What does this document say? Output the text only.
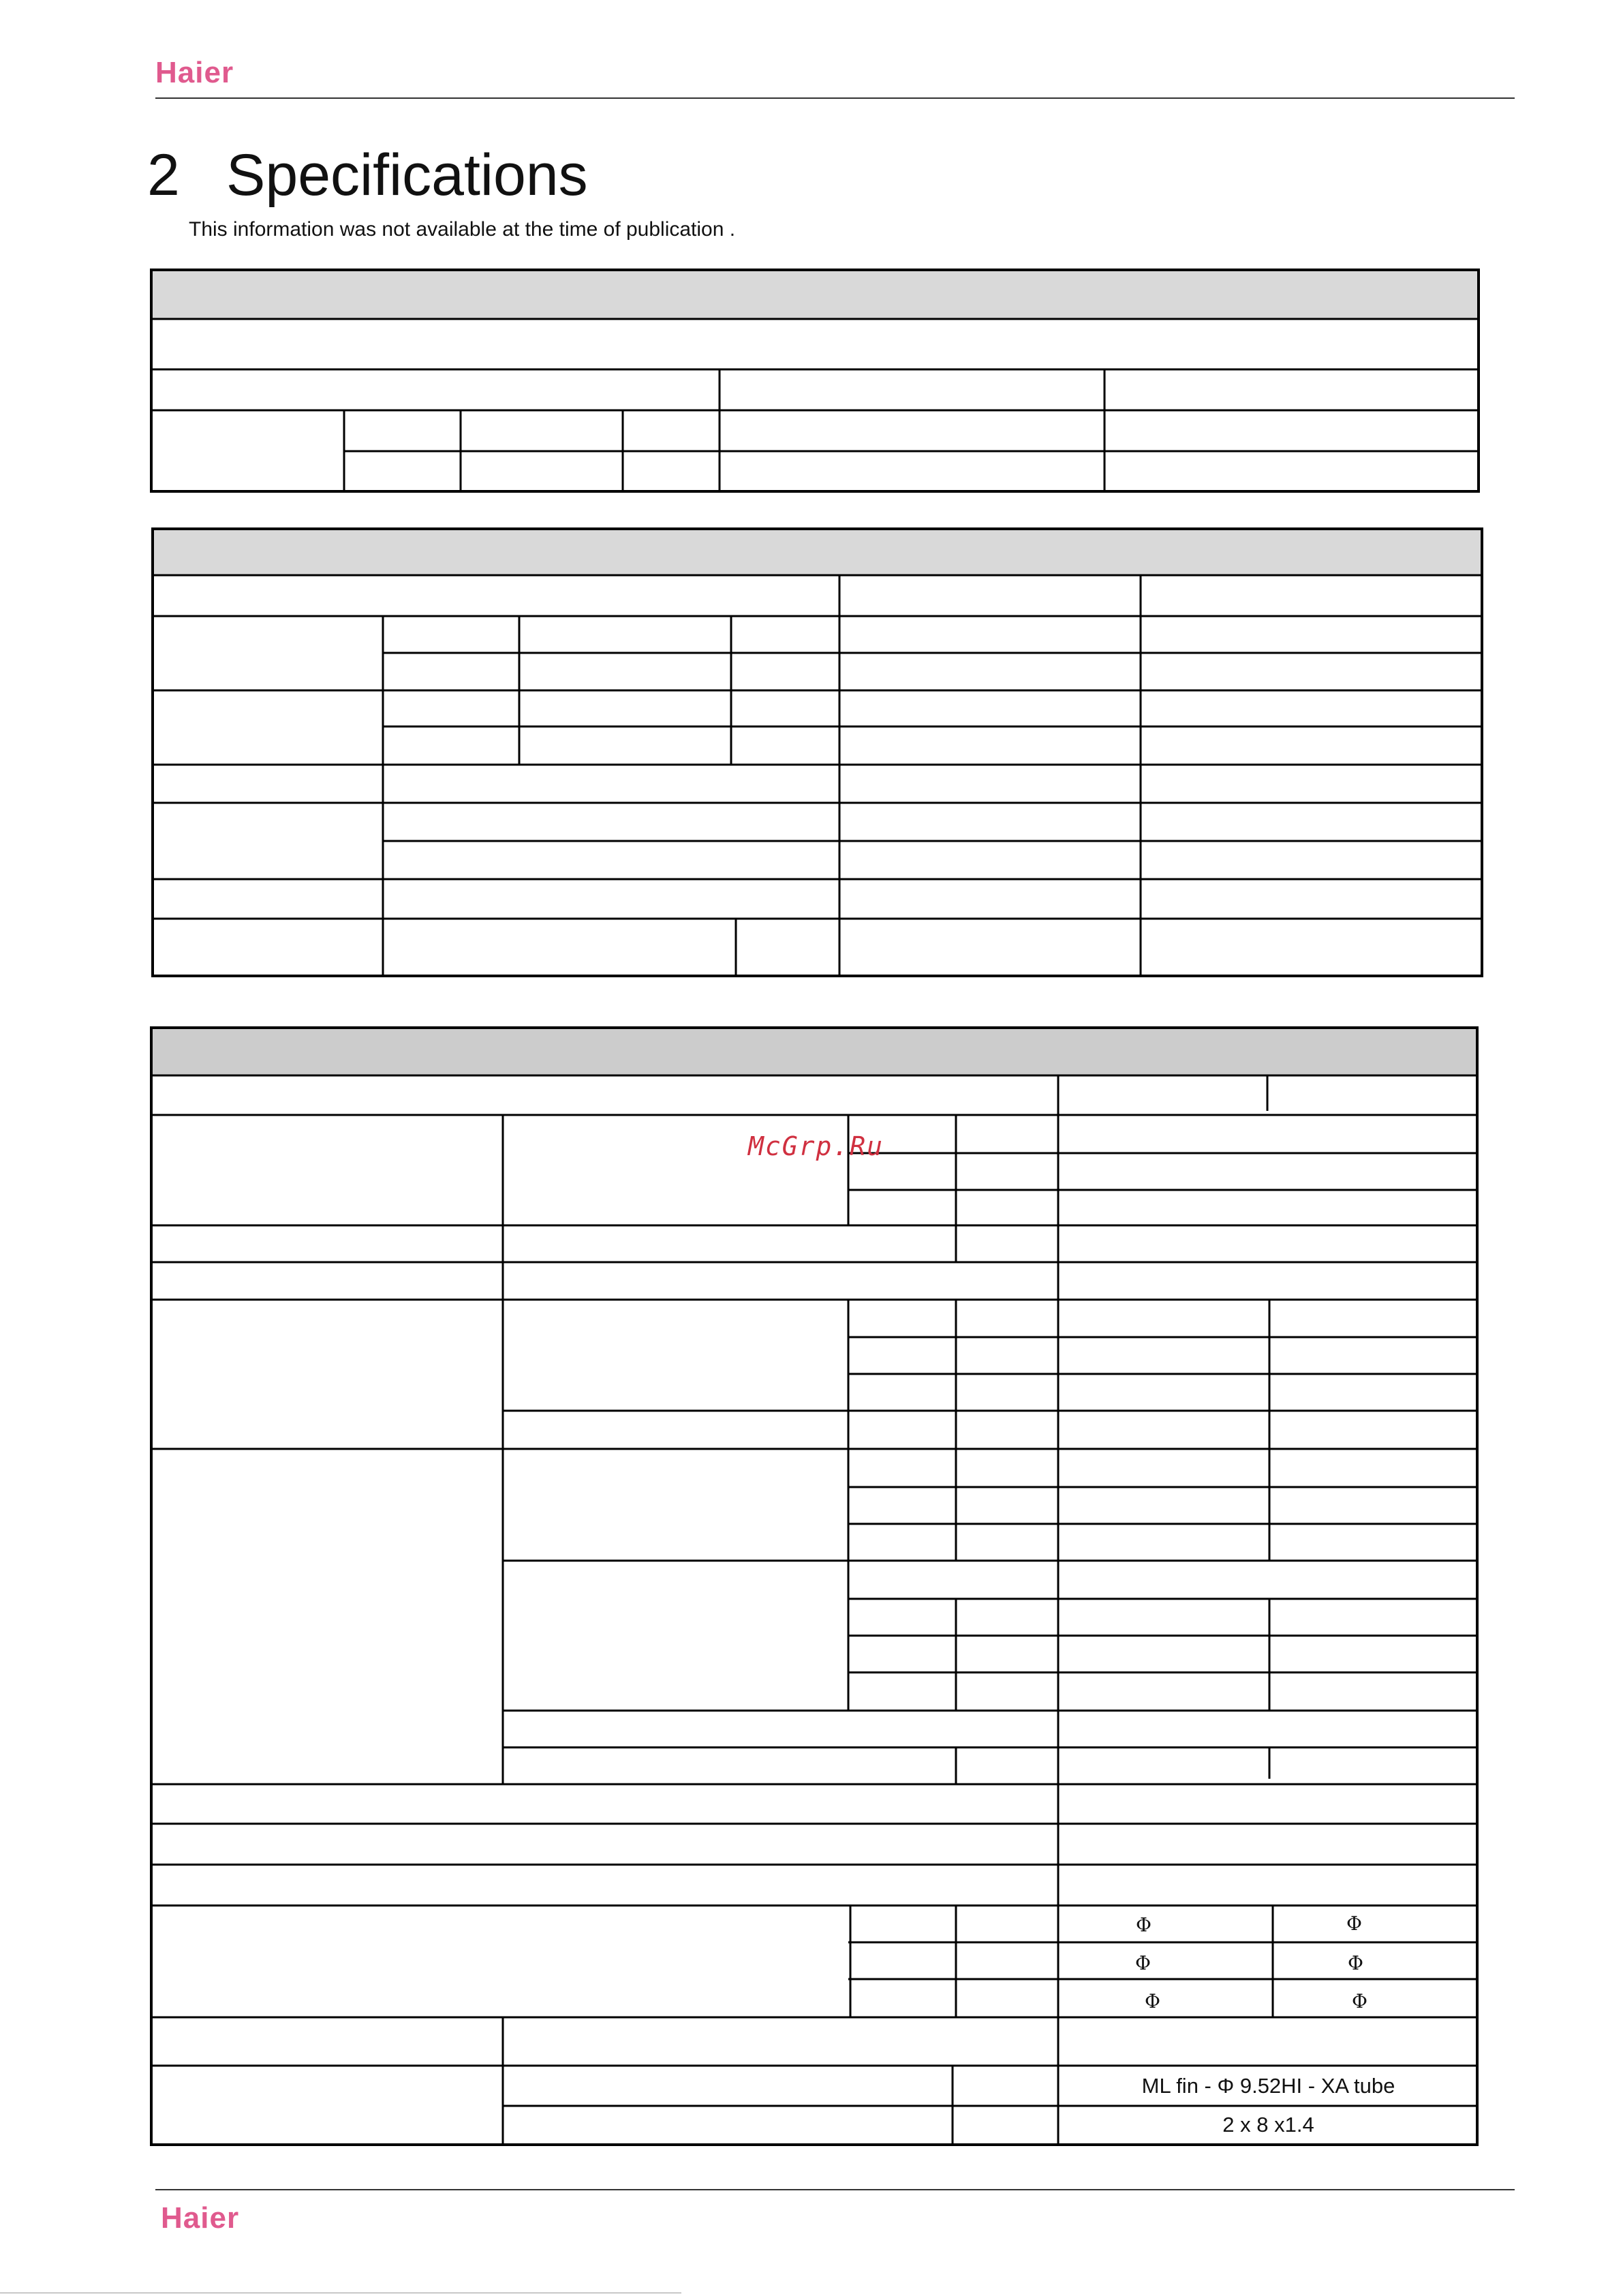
Haier
2 Specifications
This information was not available at the time of publication .
Φ	Φ
Φ	Φ
Φ	Φ
ML fin - Φ 9.52HI - XA tube
2 x 8 x1.4
McGrp.Ru
Haier
